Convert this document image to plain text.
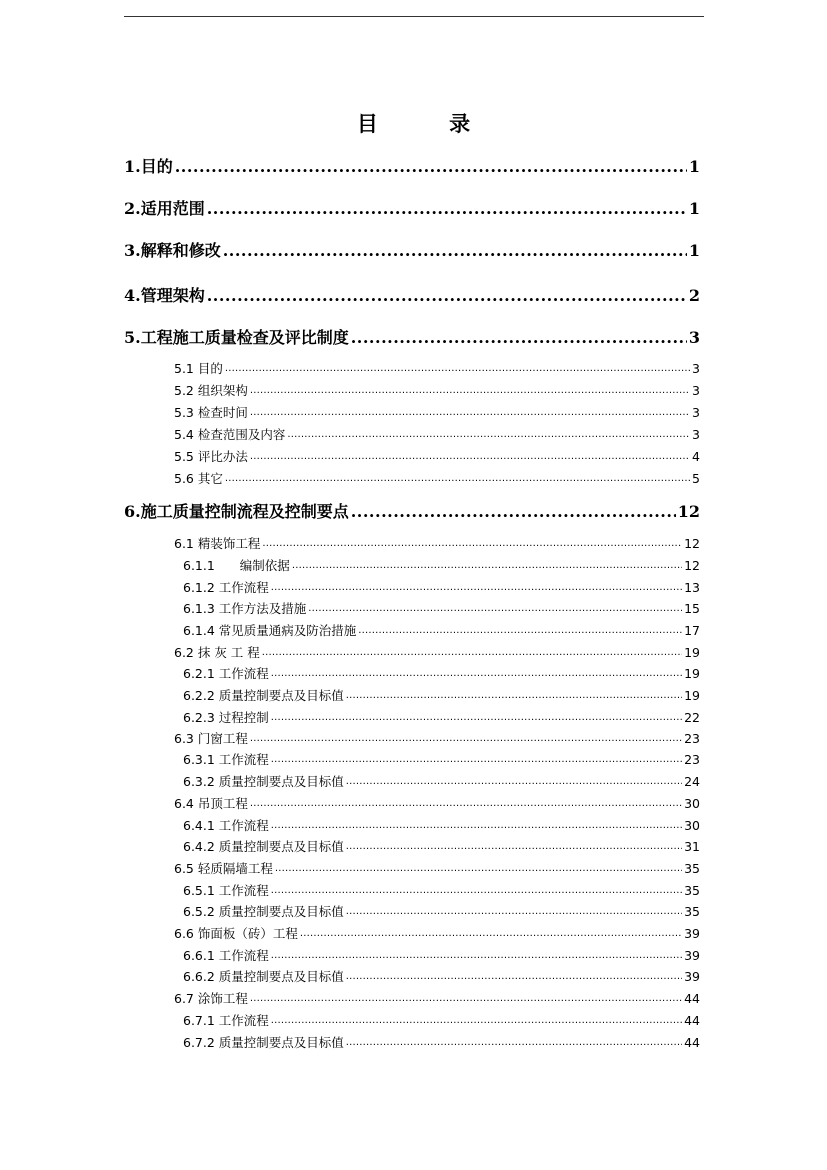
目	录
1.目的 .....	1
2.适用范围 .....	1
3.解释和修改 .....	1
4.管理架构 .....	2
5.工程施工质量检查及评比制度 .....	3
5.1 目的 .....	3
5.2 组织架构 .....	3
5.3 检查时间 .....	3
5.4 检查范围及内容 .....	3
5.5 评比办法 .....	4
5.6 其它 .....	5
6.施工质量控制流程及控制要点 .....	12
6.1 精装饰工程 .....	12
6.1.1　　编制依据 .....	12
6.1.2 工作流程 .....	13
6.1.3 工作方法及措施 .....	15
6.1.4 常见质量通病及防治措施 .....	17
6.2 抹 灰 工 程 .....	19
6.2.1 工作流程 .....	19
6.2.2 质量控制要点及目标值 .....	19
6.2.3 过程控制 .....	22
6.3 门窗工程 .....	23
6.3.1 工作流程 .....	23
6.3.2 质量控制要点及目标值 .....	24
6.4 吊顶工程 .....	30
6.4.1 工作流程 .....	30
6.4.2 质量控制要点及目标值 .....	31
6.5 轻质隔墙工程 .....	35
6.5.1 工作流程 .....	35
6.5.2 质量控制要点及目标值 .....	35
6.6 饰面板（砖）工程 .....	39
6.6.1 工作流程 .....	39
6.6.2 质量控制要点及目标值 .....	39
6.7 涂饰工程 .....	44
6.7.1 工作流程 .....	44
6.7.2 质量控制要点及目标值 .....	44
